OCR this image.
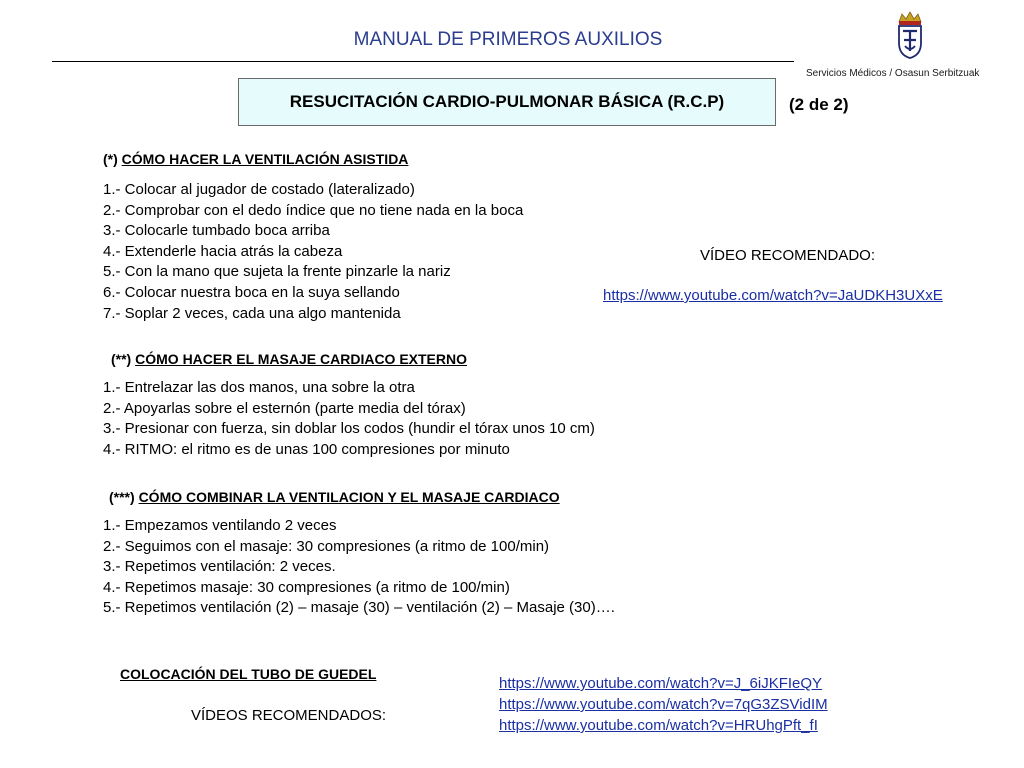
MANUAL DE PRIMEROS AUXILIOS
Servicios Médicos / Osasun Serbitzuak
RESUCITACIÓN CARDIO-PULMONAR BÁSICA (R.C.P)	(2 de 2)
(*) CÓMO HACER LA VENTILACIÓN ASISTIDA
1.- Colocar al jugador de costado (lateralizado)
2.- Comprobar con el dedo índice que no tiene nada en la boca
3.- Colocarle tumbado boca arriba
4.- Extenderle hacia atrás la cabeza
5.- Con la mano que sujeta la frente pinzarle la nariz
6.- Colocar nuestra boca en la suya sellando
7.- Soplar 2 veces, cada una algo mantenida
VÍDEO RECOMENDADO:
https://www.youtube.com/watch?v=JaUDKH3UXxE
(**) CÓMO HACER EL MASAJE CARDIACO EXTERNO
1.- Entrelazar las dos manos, una sobre la otra
2.- Apoyarlas sobre el esternón (parte media del tórax)
3.- Presionar con fuerza, sin doblar los codos (hundir el tórax unos 10 cm)
4.- RITMO: el ritmo es de unas 100 compresiones por minuto
(***) CÓMO COMBINAR LA VENTILACION Y EL MASAJE CARDIACO
1.- Empezamos ventilando 2 veces
2.- Seguimos con el masaje: 30 compresiones (a ritmo de 100/min)
3.- Repetimos ventilación: 2 veces.
4.- Repetimos masaje: 30 compresiones (a ritmo de 100/min)
5.- Repetimos ventilación (2) – masaje (30) – ventilación (2) – Masaje (30)….
COLOCACIÓN DEL TUBO DE GUEDEL
VÍDEOS RECOMENDADOS:
https://www.youtube.com/watch?v=J_6iJKFIeQY
https://www.youtube.com/watch?v=7qG3ZSVidIM
https://www.youtube.com/watch?v=HRUhgPft_fI
